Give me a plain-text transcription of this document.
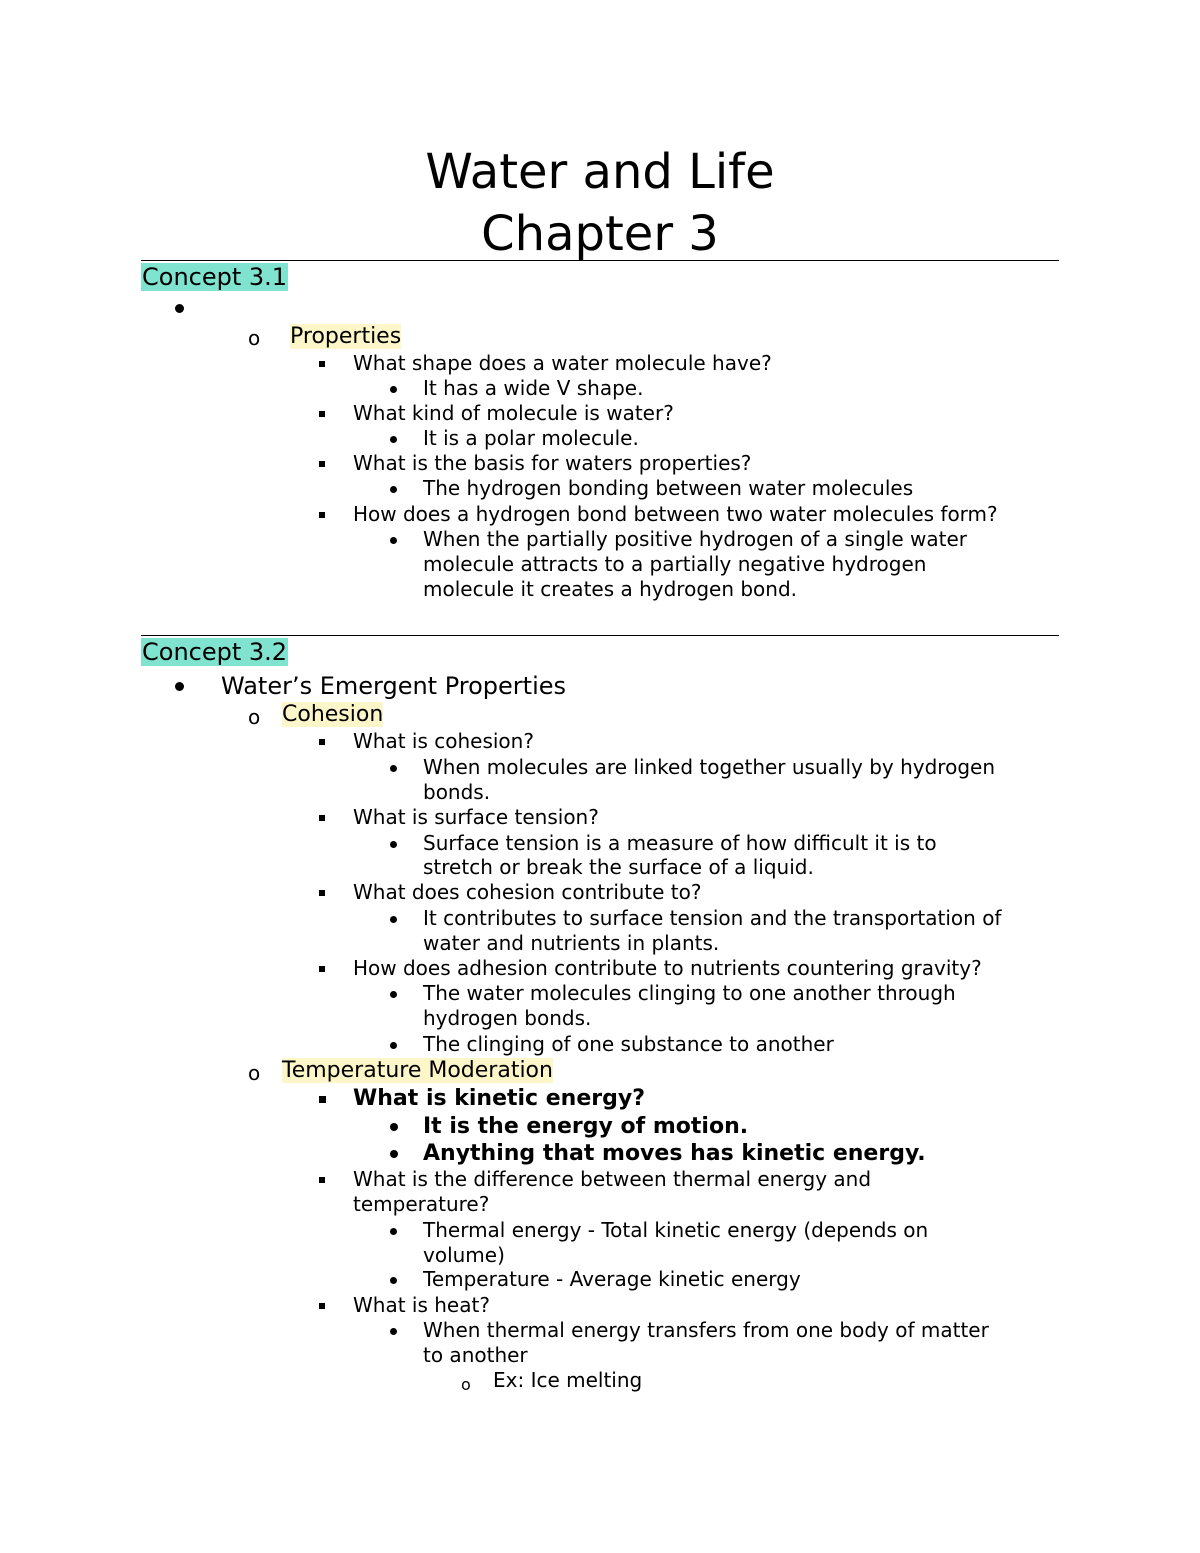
Water and Life
Chapter 3
Concept 3.1
o Properties
What shape does a water molecule have?
It has a wide V shape.
What kind of molecule is water?
It is a polar molecule.
What is the basis for waters properties?
The hydrogen bonding between water molecules
How does a hydrogen bond between two water molecules form?
When the partially positive hydrogen of a single water
molecule attracts to a partially negative hydrogen
molecule it creates a hydrogen bond.
Concept 3.2
Water’s Emergent Properties
o Cohesion
What is cohesion?
When molecules are linked together usually by hydrogen
bonds.
What is surface tension?
Surface tension is a measure of how difficult it is to
stretch or break the surface of a liquid.
What does cohesion contribute to?
It contributes to surface tension and the transportation of
water and nutrients in plants.
How does adhesion contribute to nutrients countering gravity?
The water molecules clinging to one another through
hydrogen bonds.
The clinging of one substance to another
o Temperature Moderation
What is kinetic energy?
It is the energy of motion.
Anything that moves has kinetic energy.
What is the difference between thermal energy and
temperature?
Thermal energy - Total kinetic energy (depends on
volume)
Temperature - Average kinetic energy
What is heat?
When thermal energy transfers from one body of matter
to another
o Ex: Ice melting
